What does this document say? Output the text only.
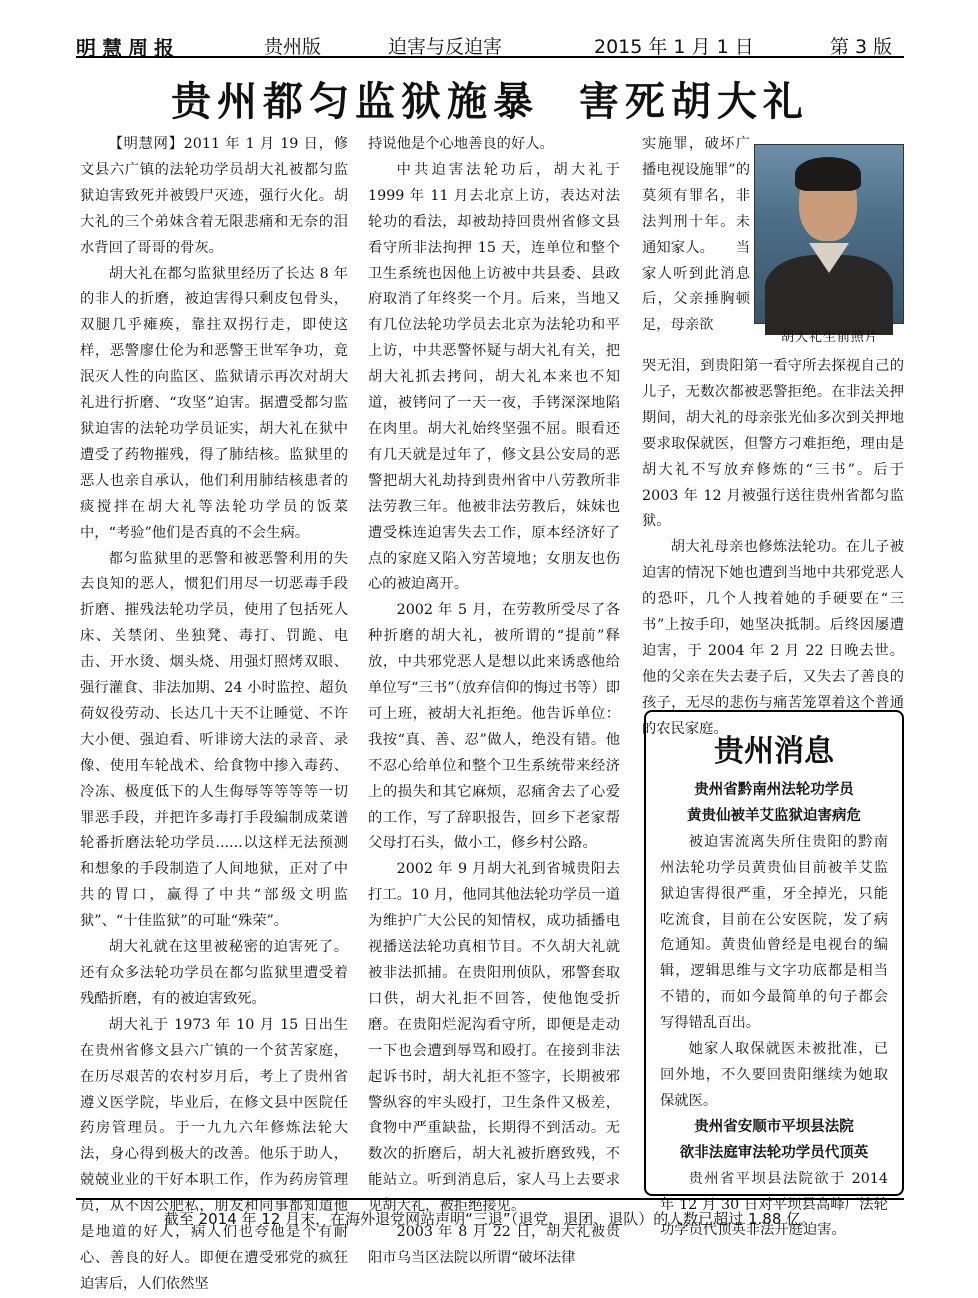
明慧周报	贵州版	迫害与反迫害	2015 年 1 月 1 日	第 3 版
贵州都匀监狱施暴  害死胡大礼

【明慧网】2011 年 1 月 19 日，修文县六广镇的法轮功学员胡大礼被都匀监狱迫害致死并被毁尸灭迹，强行火化。胡大礼的三个弟妹含着无限悲痛和无奈的泪水背回了哥哥的骨灰。

胡大礼在都匀监狱里经历了长达 8 年的非人的折磨，被迫害得只剩皮包骨头，双腿几乎瘫痪，靠拄双拐行走，即使这样，恶警廖仕伦为和恶警王世军争功，竟泯灭人性的向监区、监狱请示再次对胡大礼进行折磨、“攻坚”迫害。据遭受都匀监狱迫害的法轮功学员证实，胡大礼在狱中遭受了药物摧残，得了肺结核。监狱里的恶人也亲自承认，他们利用肺结核患者的痰搅拌在胡大礼等法轮功学员的饭菜中，“考验”他们是否真的不会生病。

都匀监狱里的恶警和被恶警利用的失去良知的恶人，惯犯们用尽一切恶毒手段折磨、摧残法轮功学员，使用了包括死人床、关禁闭、坐独凳、毒打、罚跪、电击、开水烫、烟头烧、用强灯照烤双眼、强行灌食、非法加期、24 小时监控、超负荷奴役劳动、长达几十天不让睡觉、不许大小便、强迫看、听诽谤大法的录音、录像、使用车轮战术、给食物中掺入毒药、冷冻、极度低下的人生侮辱等等等等一切罪恶手段，并把许多毒打手段编制成菜谱轮番折磨法轮功学员......以这样无法预测和想象的手段制造了人间地狱，正对了中共的胃口，赢得了中共“部级文明监狱”、“十佳监狱”的可耻“殊荣”。

胡大礼就在这里被秘密的迫害死了。还有众多法轮功学员在都匀监狱里遭受着残酷折磨，有的被迫害致死。

胡大礼于 1973 年 10 月 15 日出生在贵州省修文县六广镇的一个贫苦家庭，在历尽艰苦的农村岁月后，考上了贵州省遵义医学院，毕业后，在修文县中医院任药房管理员。于一九九六年修炼法轮大法，身心得到极大的改善。他乐于助人，兢兢业业的干好本职工作，作为药房管理员，从不因公肥私，朋友和同事都知道他是地道的好人，病人们也夸他是个有耐心、善良的好人。即便在遭受邪党的疯狂迫害后，人们依然坚

持说他是个心地善良的好人。

中共迫害法轮功后，胡大礼于 1999 年 11 月去北京上访，表达对法轮功的看法，却被劫持回贵州省修文县看守所非法拘押 15 天，连单位和整个卫生系统也因他上访被中共县委、县政府取消了年终奖一个月。后来，当地又有几位法轮功学员去北京为法轮功和平上访，中共恶警怀疑与胡大礼有关，把胡大礼抓去拷问，胡大礼本来也不知道，被铐问了一天一夜，手铐深深地陷在肉里。胡大礼始终坚强不屈。眼看还有几天就是过年了，修文县公安局的恶警把胡大礼劫持到贵州省中八劳教所非法劳教三年。他被非法劳教后，妹妹也遭受株连迫害失去工作，原本经济好了点的家庭又陷入穷苦境地；女朋友也伤心的被迫离开。

2002 年 5 月，在劳教所受尽了各种折磨的胡大礼，被所谓的“提前”释放，中共邪党恶人是想以此来诱惑他给单位写“三书”（放弃信仰的悔过书等）即可上班，被胡大礼拒绝。他告诉单位：我按“真、善、忍”做人，绝没有错。他不忍心给单位和整个卫生系统带来经济上的损失和其它麻烦，忍痛舍去了心爱的工作，写了辞职报告，回乡下老家帮父母打石头，做小工，修乡村公路。

2002 年 9 月胡大礼到省城贵阳去打工。10 月，他同其他法轮功学员一道为维护广大公民的知情权，成功插播电视播送法轮功真相节目。不久胡大礼就被非法抓捕。在贵阳刑侦队，邪警套取口供，胡大礼拒不回答，使他饱受折磨。在贵阳烂泥沟看守所，即便是走动一下也会遭到辱骂和殴打。在接到非法起诉书时，胡大礼拒不签字，长期被邪警纵容的牢头殴打，卫生条件又极差，食物中严重缺盐，长期得不到活动。无数次的折磨后，胡大礼被折磨致残，不能站立。听到消息后，家人马上去要求见胡大礼，被拒绝接见。

2003 年 8 月 22 日，胡大礼被贵阳市乌当区法院以所谓“破坏法律

实施罪，破坏广播电视设施罪”的莫须有罪名，非法判刑十年。未通知家人。　　当家人听到此消息后，父亲捶胸顿足，母亲欲

胡大礼生前照片

哭无泪，到贵阳第一看守所去探视自己的儿子，无数次都被恶警拒绝。在非法关押期间，胡大礼的母亲张光仙多次到关押地要求取保就医，但警方刁难拒绝，理由是胡大礼不写放弃修炼的“三书”。后于 2003 年 12 月被强行送往贵州省都匀监狱。

胡大礼母亲也修炼法轮功。在儿子被迫害的情况下她也遭到当地中共邪党恶人的恐吓，几个人拽着她的手硬要在“三书”上按手印，她坚决抵制。后终因屡遭迫害，于 2004 年 2 月 22 日晚去世。他的父亲在失去妻子后，又失去了善良的孩子，无尽的悲伤与痛苦笼罩着这个普通的农民家庭。

贵州消息
贵州省黔南州法轮功学员
黄贵仙被羊艾监狱迫害病危

被迫害流离失所住贵阳的黔南州法轮功学员黄贵仙目前被羊艾监狱迫害得很严重，牙全掉光，只能吃流食，目前在公安医院，发了病危通知。黄贵仙曾经是电视台的编辑，逻辑思维与文字功底都是相当不错的，而如今最简单的句子都会写得错乱百出。

她家人取保就医未被批准，已回外地，不久要回贵阳继续为她取保就医。

贵州省安顺市平坝县法院
欲非法庭审法轮功学员代顶英

贵州省平坝县法院欲于 2014 年 12 月 30 日对平坝县高峰厂法轮功学员代顶英非法开庭迫害。

截至 2014 年 12 月末，在海外退党网站声明“三退”（退党、退团、退队）的人数已超过 1.88 亿。
